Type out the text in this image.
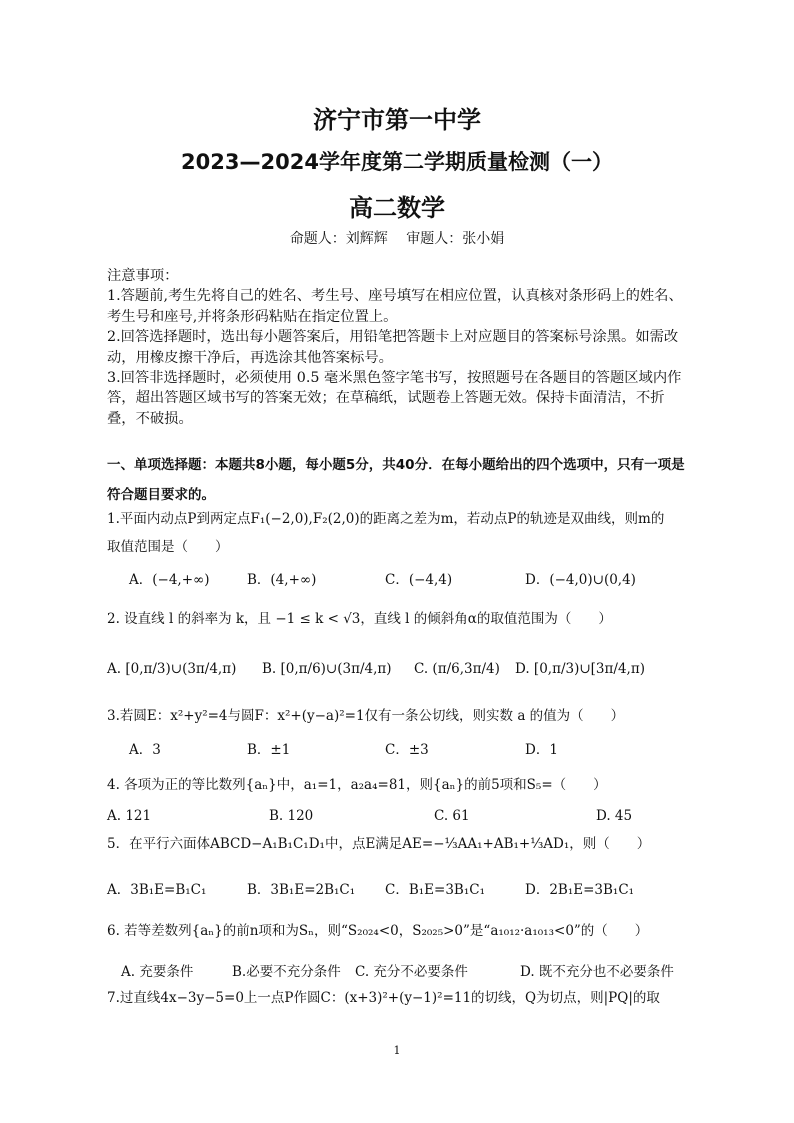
济宁市第一中学
2023—2024学年度第二学期质量检测（一）
高二数学
命题人：刘辉辉 审题人：张小娟
注意事项：
1.答题前,考生先将自己的姓名、考生号、座号填写在相应位置，认真核对条形码上的姓名、考生号和座号,并将条形码粘贴在指定位置上。
2.回答选择题时，选出每小题答案后，用铅笔把答题卡上对应题目的答案标号涂黑。如需改动，用橡皮擦干净后，再选涂其他答案标号。
3.回答非选择题时，必须使用 0.5 毫米黑色签字笔书写，按照题号在各题目的答题区域内作答，超出答题区域书写的答案无效；在草稿纸，试题卷上答题无效。保持卡面清洁，不折叠，不破损。
一、单项选择题：本题共8小题，每小题5分，共40分．在每小题给出的四个选项中，只有一项是符合题目要求的。
1.平面内动点P到两定点F₁(−2,0),F₂(2,0)的距离之差为m，若动点P的轨迹是双曲线，则m的
取值范围是（　　）
A．(−4,+∞)	B．(4,+∞)	C．(−4,4)	D．(−4,0)∪(0,4)
2. 设直线 l 的斜率为 k，且 −1 ≤ k < √3，直线 l 的倾斜角α的取值范围为（　　）
A. [0,π/3)∪(3π/4,π) B. [0,π/6)∪(3π/4,π) C. (π/6,3π/4) D. [0,π/3)∪[3π/4,π)
3.若圆E：x²+y²=4与圆F：x²+(y−a)²=1仅有一条公切线，则实数 a 的值为（　　）
A．3	B．±1	C．±3	D．1
4. 各项为正的等比数列{aₙ}中，a₁=1，a₂a₄=81，则{aₙ}的前5项和S₅=（　　）
A. 121	B. 120	C. 61	D. 45
5．在平行六面体ABCD−A₁B₁C₁D₁中，点E满足AE=−⅓AA₁+AB₁+⅓AD₁，则（　　）
A．3B₁E=B₁C₁	B．3B₁E=2B₁C₁ C．B₁E=3B₁C₁	D．2B₁E=3B₁C₁
6. 若等差数列{aₙ}的前n项和为Sₙ，则“S₂₀₂₄<0，S₂₀₂₅>0”是“a₁₀₁₂·a₁₀₁₃<0”的（　　）
A. 充要条件	B.必要不充分条件 C. 充分不必要条件	D. 既不充分也不必要条件
7.过直线4x−3y−5=0上一点P作圆C：(x+3)²+(y−1)²=11的切线，Q为切点，则|PQ|的取
1
